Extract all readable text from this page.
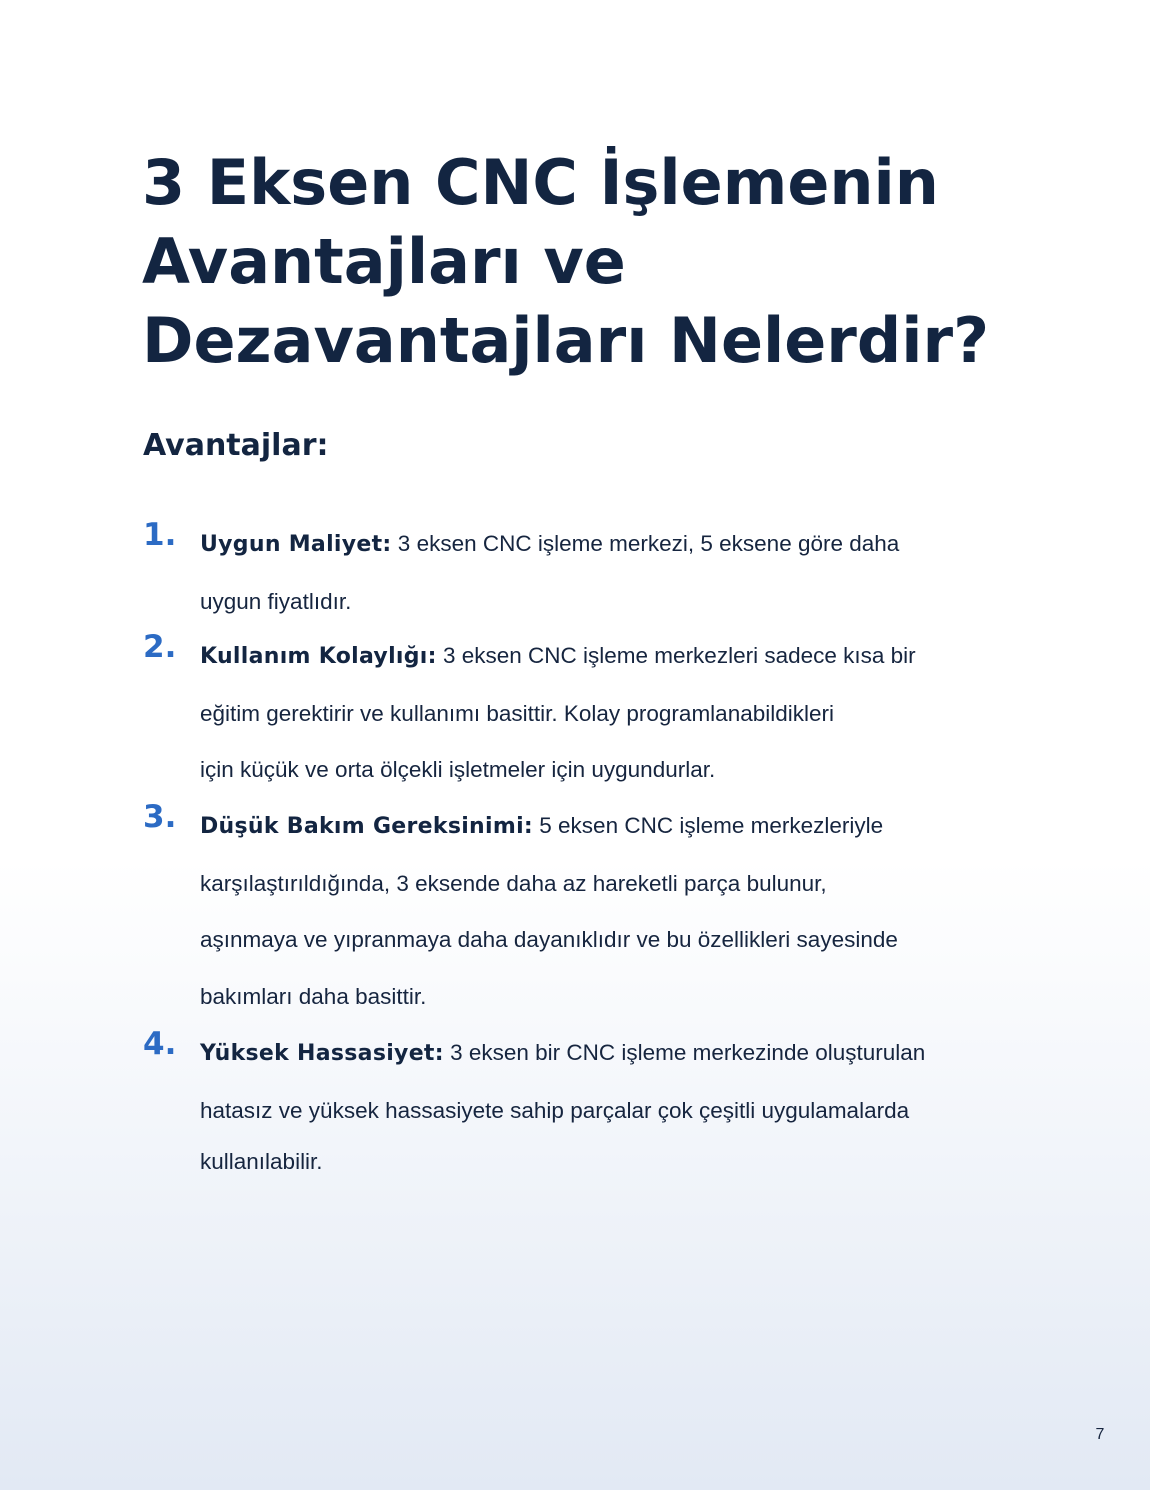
3 Eksen CNC İşlemenin
Avantajları ve
Dezavantajları Nelerdir?
Avantajlar:
1. Uygun Maliyet: 3 eksen CNC işleme merkezi, 5 eksene göre daha
uygun fiyatlıdır.
2. Kullanım Kolaylığı: 3 eksen CNC işleme merkezleri sadece kısa bir
eğitim gerektirir ve kullanımı basittir. Kolay programlanabildikleri
için küçük ve orta ölçekli işletmeler için uygundurlar.
3. Düşük Bakım Gereksinimi: 5 eksen CNC işleme merkezleriyle
karşılaştırıldığında, 3 eksende daha az hareketli parça bulunur,
aşınmaya ve yıpranmaya daha dayanıklıdır ve bu özellikleri sayesinde
bakımları daha basittir.
4. Yüksek Hassasiyet: 3 eksen bir CNC işleme merkezinde oluşturulan
hatasız ve yüksek hassasiyete sahip parçalar çok çeşitli uygulamalarda
kullanılabilir.
7
